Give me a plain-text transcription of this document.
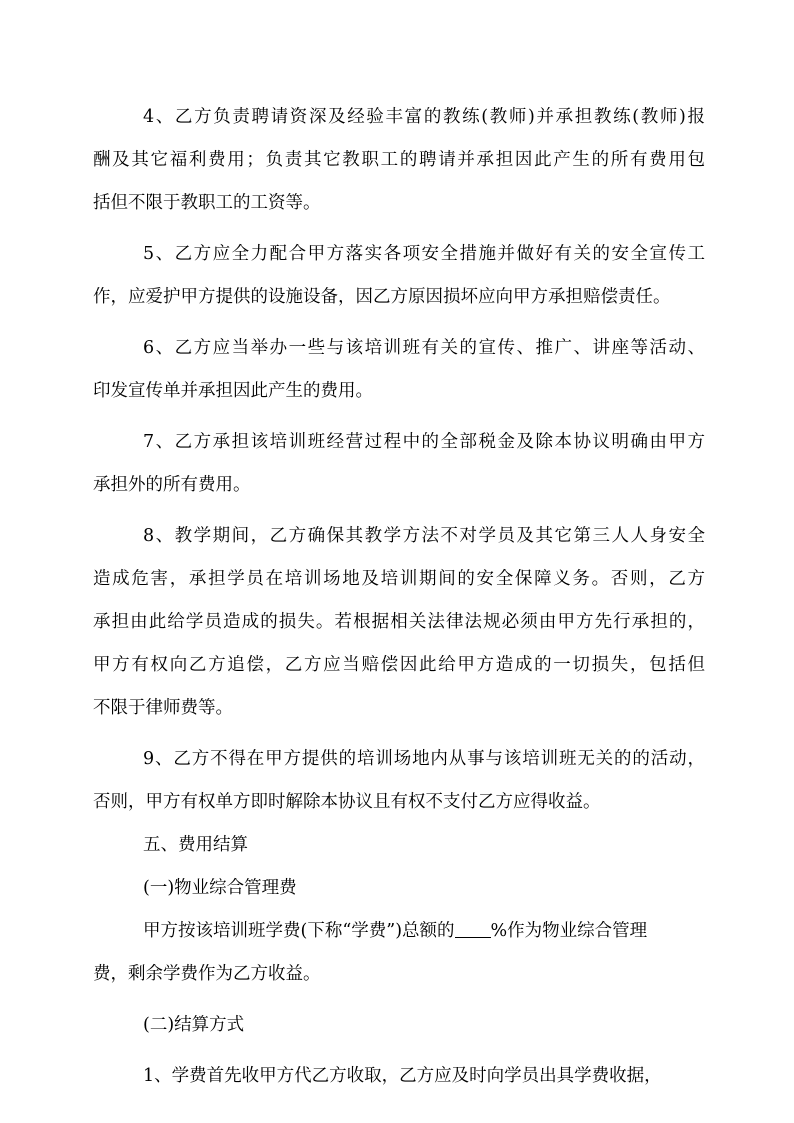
4、乙方负责聘请资深及经验丰富的教练(教师)并承担教练(教师)报
酬及其它福利费用；负责其它教职工的聘请并承担因此产生的所有费用包
括但不限于教职工的工资等。
5、乙方应全力配合甲方落实各项安全措施并做好有关的安全宣传工
作，应爱护甲方提供的设施设备，因乙方原因损坏应向甲方承担赔偿责任。
6、乙方应当举办一些与该培训班有关的宣传、推广、讲座等活动、
印发宣传单并承担因此产生的费用。
7、乙方承担该培训班经营过程中的全部税金及除本协议明确由甲方
承担外的所有费用。
8、教学期间，乙方确保其教学方法不对学员及其它第三人人身安全
造成危害，承担学员在培训场地及培训期间的安全保障义务。否则，乙方
承担由此给学员造成的损失。若根据相关法律法规必须由甲方先行承担的，
甲方有权向乙方追偿，乙方应当赔偿因此给甲方造成的一切损失，包括但
不限于律师费等。
9、乙方不得在甲方提供的培训场地内从事与该培训班无关的的活动，
否则，甲方有权单方即时解除本协议且有权不支付乙方应得收益。
五、费用结算
(一)物业综合管理费
甲方按该培训班学费(下称“学费”)总额的 %作为物业综合管理
费，剩余学费作为乙方收益。
(二)结算方式
1、学费首先收甲方代乙方收取，乙方应及时向学员出具学费收据，
